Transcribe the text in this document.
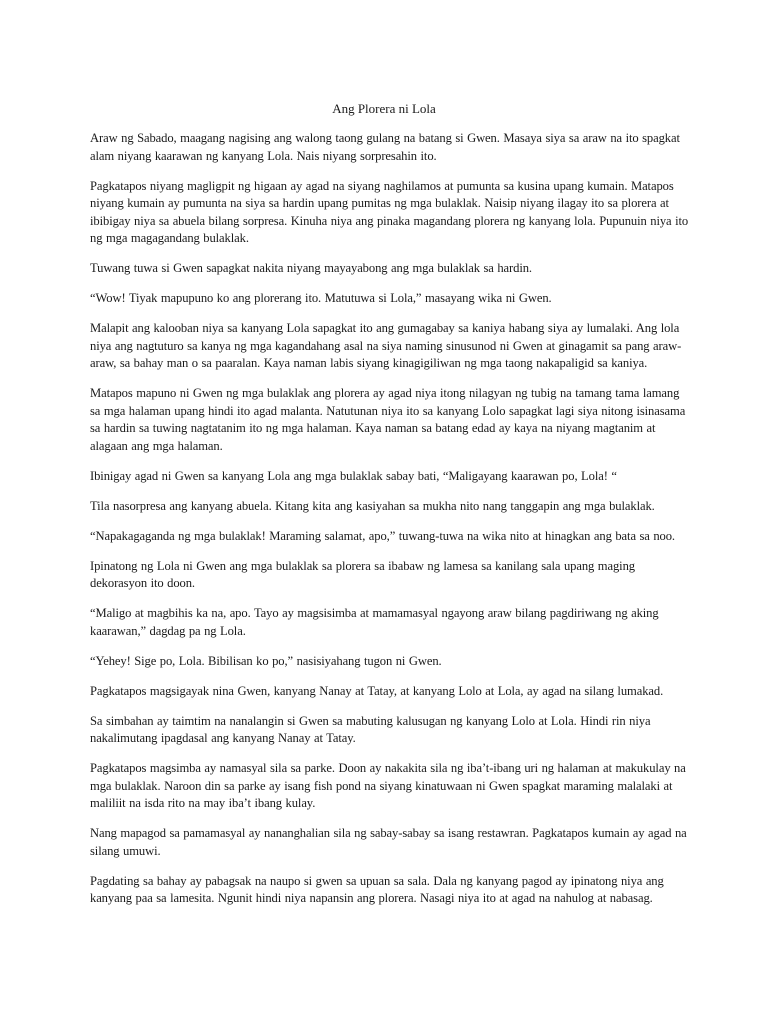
Ang Plorera ni Lola

Araw ng Sabado, maagang nagising ang walong taong gulang na batang si Gwen. Masaya siya sa araw na ito spagkat alam niyang kaarawan ng kanyang Lola. Nais niyang sorpresahin ito.

Pagkatapos niyang magligpit ng higaan ay agad na siyang naghilamos at pumunta sa kusina upang kumain. Matapos niyang kumain ay pumunta na siya sa hardin upang pumitas ng mga bulaklak. Naisip niyang ilagay ito sa plorera at ibibigay niya sa abuela bilang sorpresa. Kinuha niya ang pinaka magandang plorera ng kanyang lola. Pupunuin niya ito ng mga magagandang bulaklak.

Tuwang tuwa si Gwen sapagkat nakita niyang mayayabong ang mga bulaklak sa hardin.

“Wow! Tiyak mapupuno ko ang plorerang ito. Matutuwa si Lola,” masayang wika ni Gwen.

Malapit ang kalooban niya sa kanyang Lola sapagkat ito ang gumagabay sa kaniya habang siya ay lumalaki. Ang lola niya ang nagtuturo sa kanya ng mga kagandahang asal na siya naming sinusunod ni Gwen at ginagamit sa pang araw-araw, sa bahay man o sa paaralan. Kaya naman labis siyang kinagigiliwan ng mga taong nakapaligid sa kaniya.

Matapos mapuno ni Gwen ng mga bulaklak ang plorera ay agad niya itong nilagyan ng tubig na tamang tama lamang sa mga halaman upang hindi ito agad malanta. Natutunan niya ito sa kanyang Lolo sapagkat lagi siya nitong isinasama sa hardin sa tuwing nagtatanim ito ng mga halaman. Kaya naman sa batang edad ay kaya na niyang magtanim at alagaan ang mga halaman.

Ibinigay agad ni Gwen sa kanyang Lola ang mga bulaklak sabay bati, “Maligayang kaarawan po, Lola! “

Tila nasorpresa ang kanyang abuela. Kitang kita ang kasiyahan sa mukha nito nang tanggapin ang mga bulaklak.

“Napakagaganda ng mga bulaklak! Maraming salamat, apo,” tuwang-tuwa na wika nito at hinagkan ang bata sa noo.

Ipinatong ng Lola ni Gwen ang mga bulaklak sa plorera sa ibabaw ng lamesa sa kanilang sala upang maging dekorasyon ito doon.

“Maligo at magbihis ka na, apo. Tayo ay magsisimba at mamamasyal ngayong araw bilang pagdiriwang ng aking kaarawan,” dagdag pa ng Lola.

“Yehey! Sige po, Lola. Bibilisan ko po,” nasisiyahang tugon ni Gwen.

Pagkatapos magsigayak nina Gwen, kanyang Nanay at Tatay, at kanyang Lolo at Lola, ay agad na silang lumakad.

Sa simbahan ay taimtim na nanalangin si Gwen sa mabuting kalusugan ng kanyang Lolo at Lola. Hindi rin niya nakalimutang ipagdasal ang kanyang Nanay at Tatay.

Pagkatapos magsimba ay namasyal sila sa parke. Doon ay nakakita sila ng iba’t-ibang uri ng halaman at makukulay na mga bulaklak. Naroon din sa parke ay isang fish pond na siyang kinatuwaan ni Gwen spagkat maraming malalaki at maliliit na isda rito na may iba’t ibang kulay.

Nang mapagod sa pamamasyal ay nananghalian sila ng sabay-sabay sa isang restawran. Pagkatapos kumain ay agad na silang umuwi.

Pagdating sa bahay ay pabagsak na naupo si gwen sa upuan sa sala. Dala ng kanyang pagod ay ipinatong niya ang kanyang paa sa lamesita. Ngunit hindi niya napansin ang plorera. Nasagi niya ito at agad na nahulog at nabasag.
